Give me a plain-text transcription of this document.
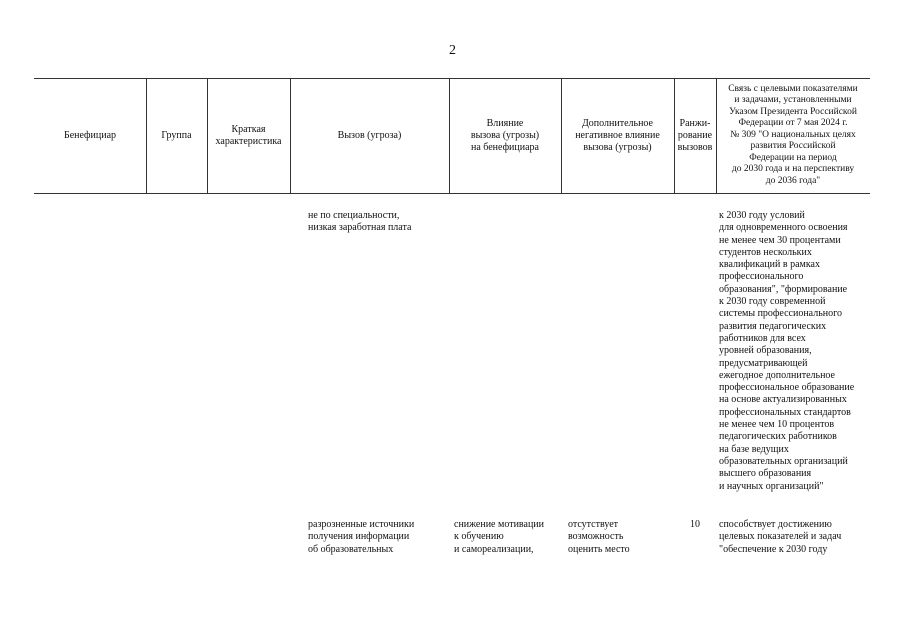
2
Бенефициар	Группа
Краткая
характеристика
Вызов (угроза)
Влияние
вызова (угрозы)
на бенефициара
Дополнительное
негативное влияние
вызова (угрозы)
Ранжи-
рование
вызовов
Связь с целевыми показателями
и задачами, установленными
Указом Президента Российской
Федерации от 7 мая 2024 г.
№ 309 "О национальных целях
развития Российской
Федерации на период
до 2030 года и на перспективу
до 2036 года"
не по специальности,
низкая заработная плата
к 2030 году условий
для одновременного освоения
не менее чем 30 процентами
студентов нескольких
квалификаций в рамках
профессионального
образования", "формирование
к 2030 году современной
системы профессионального
развития педагогических
работников для всех
уровней образования,
предусматривающей
ежегодное дополнительное
профессиональное образование
на основе актуализированных
профессиональных стандартов
не менее чем 10 процентов
педагогических работников
на базе ведущих
образовательных организаций
высшего образования
и научных организаций"
разрозненные источники
получения информации
об образовательных
снижение мотивации
к обучению
и самореализации,
отсутствует
возможность
оценить место
10	способствует достижению
целевых показателей и задач
"обеспечение к 2030 году
